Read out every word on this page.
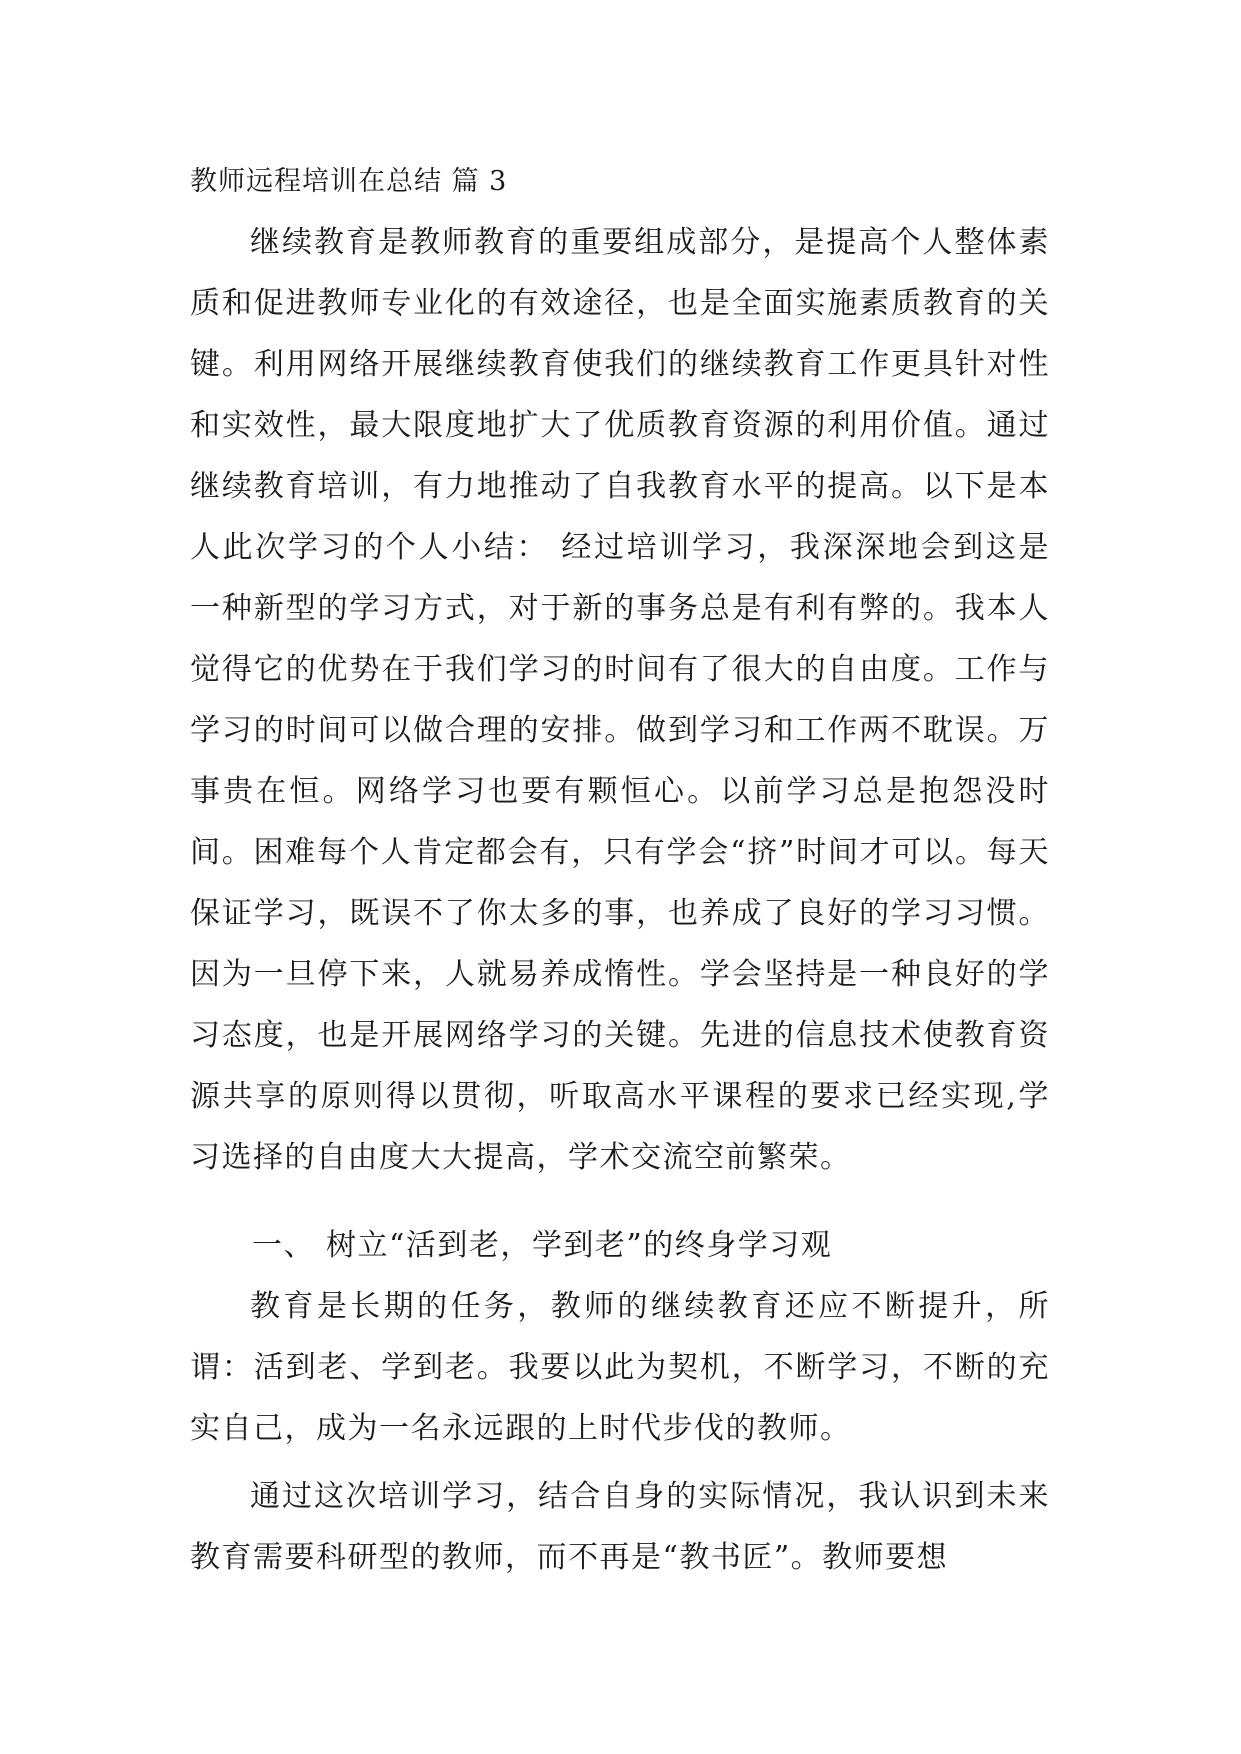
教师远程培训在总结 篇 3

继续教育是教师教育的重要组成部分，是提高个人整体素质和促进教师专业化的有效途径，也是全面实施素质教育的关键。利用网络开展继续教育使我们的继续教育工作更具针对性和实效性，最大限度地扩大了优质教育资源的利用价值。通过继续教育培训，有力地推动了自我教育水平的提高。以下是本人此次学习的个人小结： 经过培训学习，我深深地会到这是一种新型的学习方式，对于新的事务总是有利有弊的。我本人觉得它的优势在于我们学习的时间有了很大的自由度。工作与学习的时间可以做合理的安排。做到学习和工作两不耽误。万事贵在恒。网络学习也要有颗恒心。以前学习总是抱怨没时间。困难每个人肯定都会有，只有学会“挤”时间才可以。每天保证学习，既误不了你太多的事，也养成了良好的学习习惯。因为一旦停下来，人就易养成惰性。学会坚持是一种良好的学习态度，也是开展网络学习的关键。先进的信息技术使教育资源共享的原则得以贯彻，听取高水平课程的要求已经实现,学习选择的自由度大大提高，学术交流空前繁荣。

一、 树立“活到老，学到老”的终身学习观

教育是长期的任务，教师的继续教育还应不断提升，所谓：活到老、学到老。我要以此为契机，不断学习，不断的充实自己，成为一名永远跟的上时代步伐的教师。

通过这次培训学习，结合自身的实际情况，我认识到未来教育需要科研型的教师，而不再是“教书匠”。教师要想
